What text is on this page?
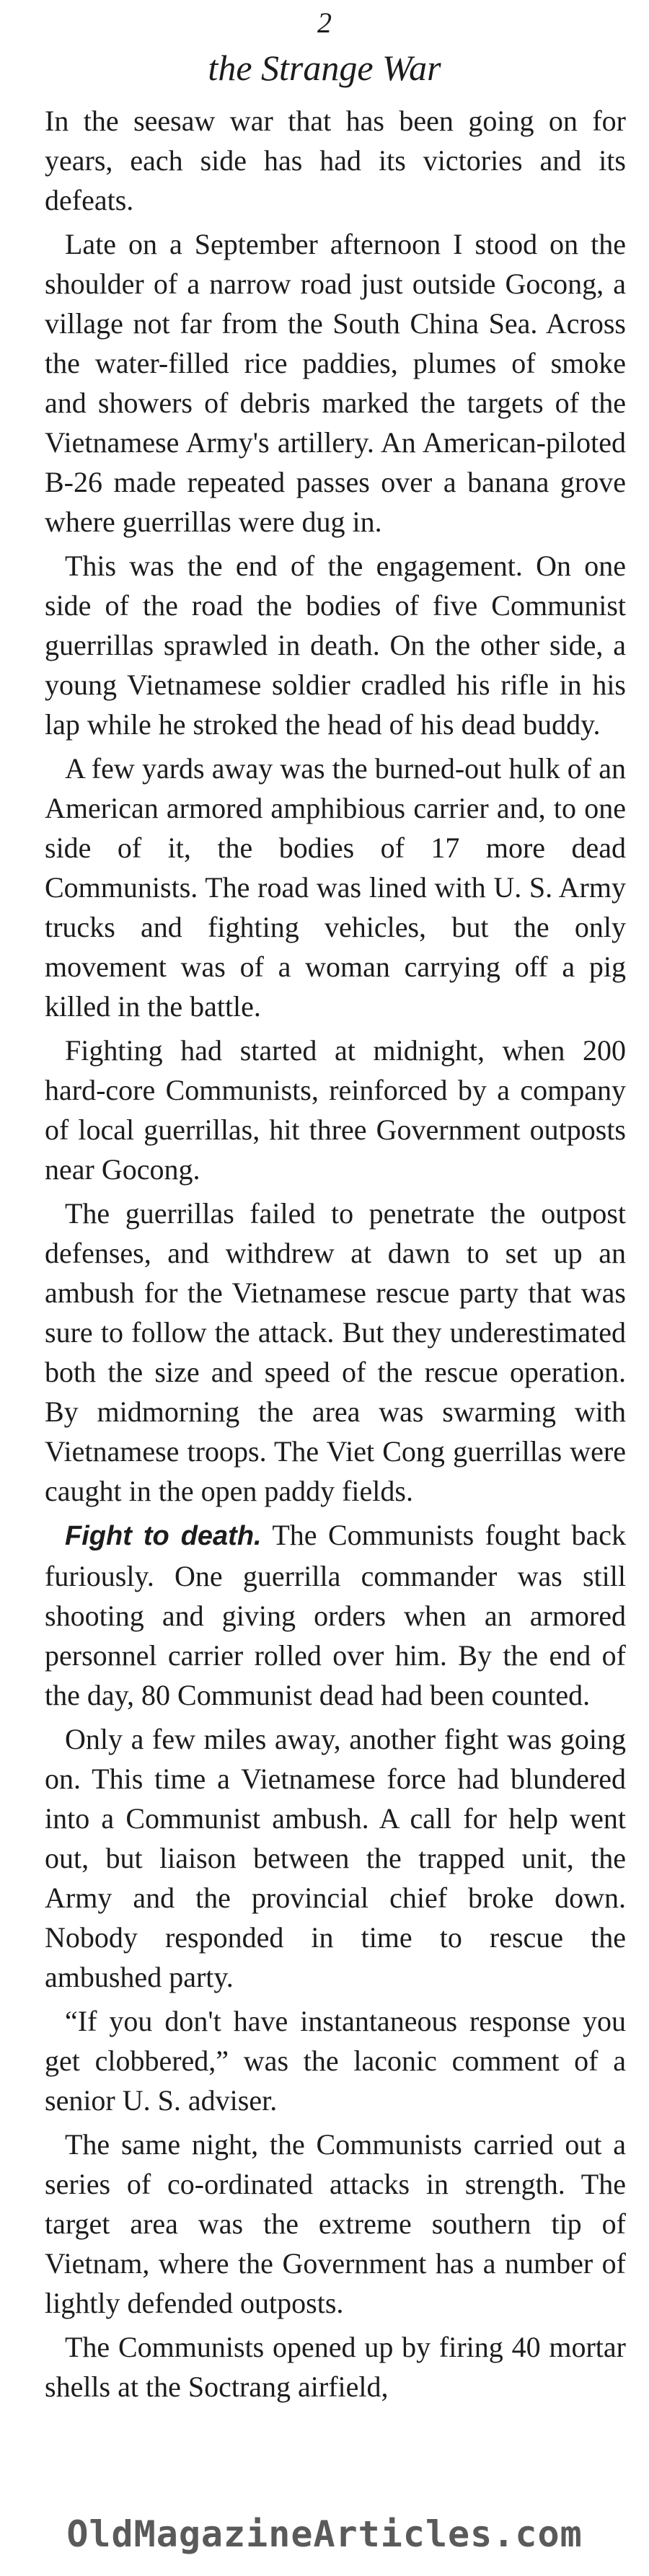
2
the Strange War

In the seesaw war that has been going on for years, each side has had its victories and its defeats.

Late on a September afternoon I stood on the shoulder of a narrow road just outside Gocong, a village not far from the South China Sea. Across the water-filled rice paddies, plumes of smoke and showers of debris marked the targets of the Vietnamese Army's artillery. An American-piloted B-26 made repeated passes over a banana grove where guerrillas were dug in.

This was the end of the engagement. On one side of the road the bodies of five Communist guerrillas sprawled in death. On the other side, a young Vietnamese soldier cradled his rifle in his lap while he stroked the head of his dead buddy.

A few yards away was the burned-out hulk of an American armored amphibious carrier and, to one side of it, the bodies of 17 more dead Communists. The road was lined with U. S. Army trucks and fighting vehicles, but the only movement was of a woman carrying off a pig killed in the battle.

Fighting had started at midnight, when 200 hard-core Communists, reinforced by a company of local guerrillas, hit three Government outposts near Gocong.

The guerrillas failed to penetrate the outpost defenses, and withdrew at dawn to set up an ambush for the Vietnamese rescue party that was sure to follow the attack. But they underestimated both the size and speed of the rescue operation. By midmorning the area was swarming with Vietnamese troops. The Viet Cong guerrillas were caught in the open paddy fields.

Fight to death. The Communists fought back furiously. One guerrilla commander was still shooting and giving orders when an armored personnel carrier rolled over him. By the end of the day, 80 Communist dead had been counted.

Only a few miles away, another fight was going on. This time a Vietnamese force had blundered into a Communist ambush. A call for help went out, but liaison between the trapped unit, the Army and the provincial chief broke down. Nobody responded in time to rescue the ambushed party.

“If you don't have instantaneous response you get clobbered,” was the laconic comment of a senior U. S. adviser.

The same night, the Communists carried out a series of co-ordinated attacks in strength. The target area was the extreme southern tip of Vietnam, where the Government has a number of lightly defended outposts.

The Communists opened up by firing 40 mortar shells at the Soctrang airfield,

OldMagazineArticles.com
